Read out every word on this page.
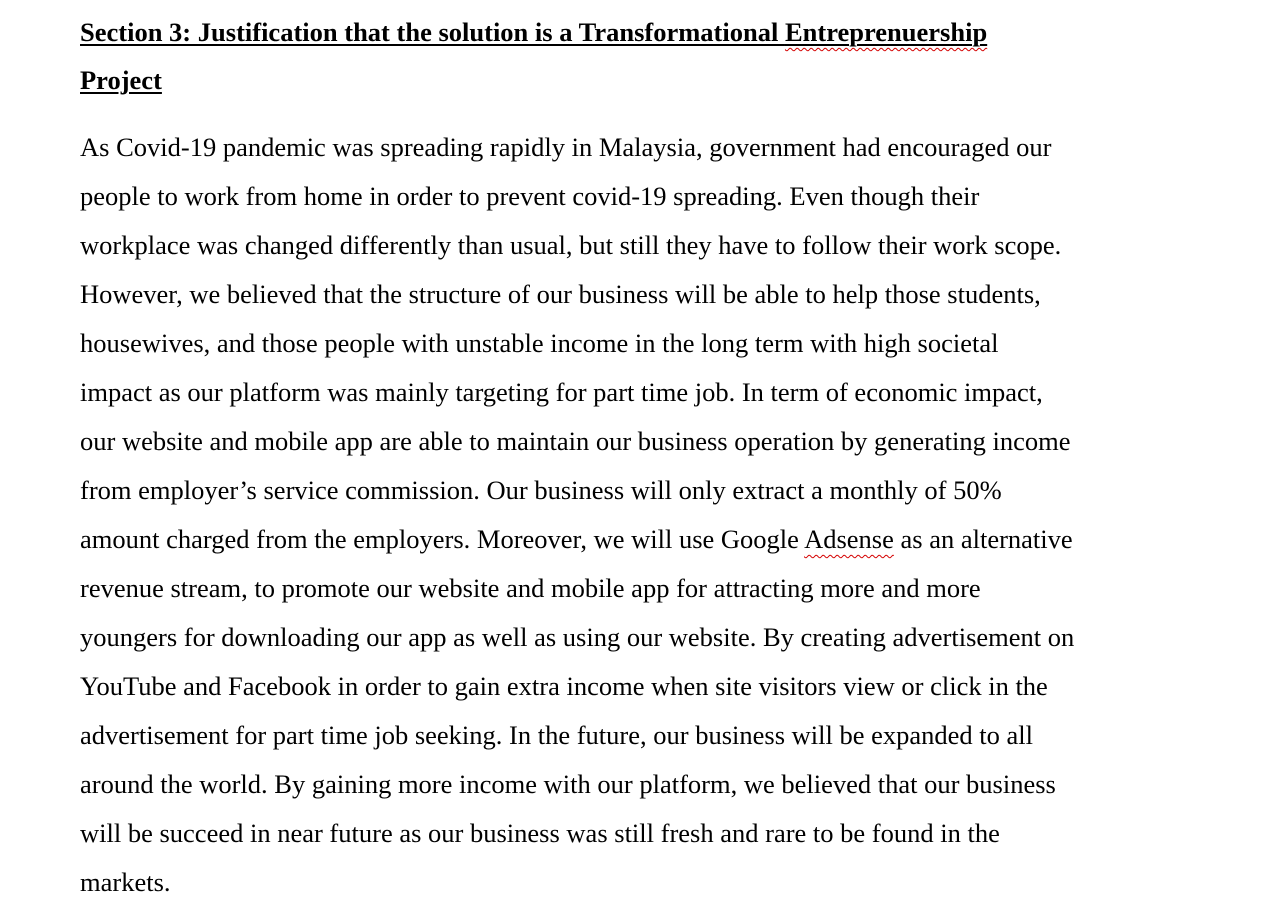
Section 3: Justification that the solution is a Transformational Entreprenuership
Project
As Covid-19 pandemic was spreading rapidly in Malaysia, government had encouraged our
people to work from home in order to prevent covid-19 spreading. Even though their
workplace was changed differently than usual, but still they have to follow their work scope.
However, we believed that the structure of our business will be able to help those students,
housewives, and those people with unstable income in the long term with high societal
impact as our platform was mainly targeting for part time job. In term of economic impact,
our website and mobile app are able to maintain our business operation by generating income
from employer’s service commission. Our business will only extract a monthly of 50%
amount charged from the employers. Moreover, we will use Google Adsense as an alternative
revenue stream, to promote our website and mobile app for attracting more and more
youngers for downloading our app as well as using our website. By creating advertisement on
YouTube and Facebook in order to gain extra income when site visitors view or click in the
advertisement for part time job seeking. In the future, our business will be expanded to all
around the world. By gaining more income with our platform, we believed that our business
will be succeed in near future as our business was still fresh and rare to be found in the
markets.
